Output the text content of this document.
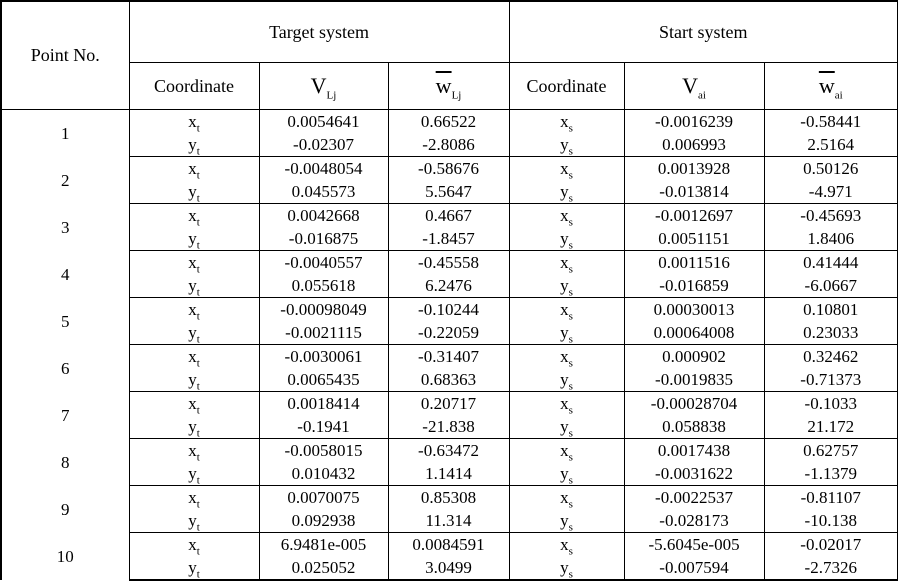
Point No.	Target system			Start system		
	Coordinate	$V_{Lj}$	$\overline{w}_{Lj}$	Coordinate	$V_{ai}$	$\overline{w}_{ai}$
1	$x_t$	0.0054641	0.66522	$x_s$	-0.0016239	-0.58441
	$y_t$	-0.02307	-2.8086	$y_s$	0.006993	2.5164
2	$x_t$	-0.0048054	-0.58676	$x_s$	0.0013928	0.50126
	$y_t$	0.045573	5.5647	$y_s$	-0.013814	-4.971
3	$x_t$	0.0042668	0.4667	$x_s$	-0.0012697	-0.45693
	$y_t$	-0.016875	-1.8457	$y_s$	0.0051151	1.8406
4	$x_t$	-0.0040557	-0.45558	$x_s$	0.0011516	0.41444
	$y_t$	0.055618	6.2476	$y_s$	-0.016859	-6.0667
5	$x_t$	-0.00098049	-0.10244	$x_s$	0.00030013	0.10801
	$y_t$	-0.0021115	-0.22059	$y_s$	0.00064008	0.23033
6	$x_t$	-0.0030061	-0.31407	$x_s$	0.000902	0.32462
	$y_t$	0.0065435	0.68363	$y_s$	-0.0019835	-0.71373
7	$x_t$	0.0018414	0.20717	$x_s$	-0.00028704	-0.1033
	$y_t$	-0.1941	-21.838	$y_s$	0.058838	21.172
8	$x_t$	-0.0058015	-0.63472	$x_s$	0.0017438	0.62757
	$y_t$	0.010432	1.1414	$y_s$	-0.0031622	-1.1379
9	$x_t$	0.0070075	0.85308	$x_s$	-0.0022537	-0.81107
	$y_t$	0.092938	11.314	$y_s$	-0.028173	-10.138
10	$x_t$	6.9481e-005	0.0084591	$x_s$	-5.6045e-005	-0.02017
	$y_t$	0.025052	3.0499	$y_s$	-0.007594	-2.7326
